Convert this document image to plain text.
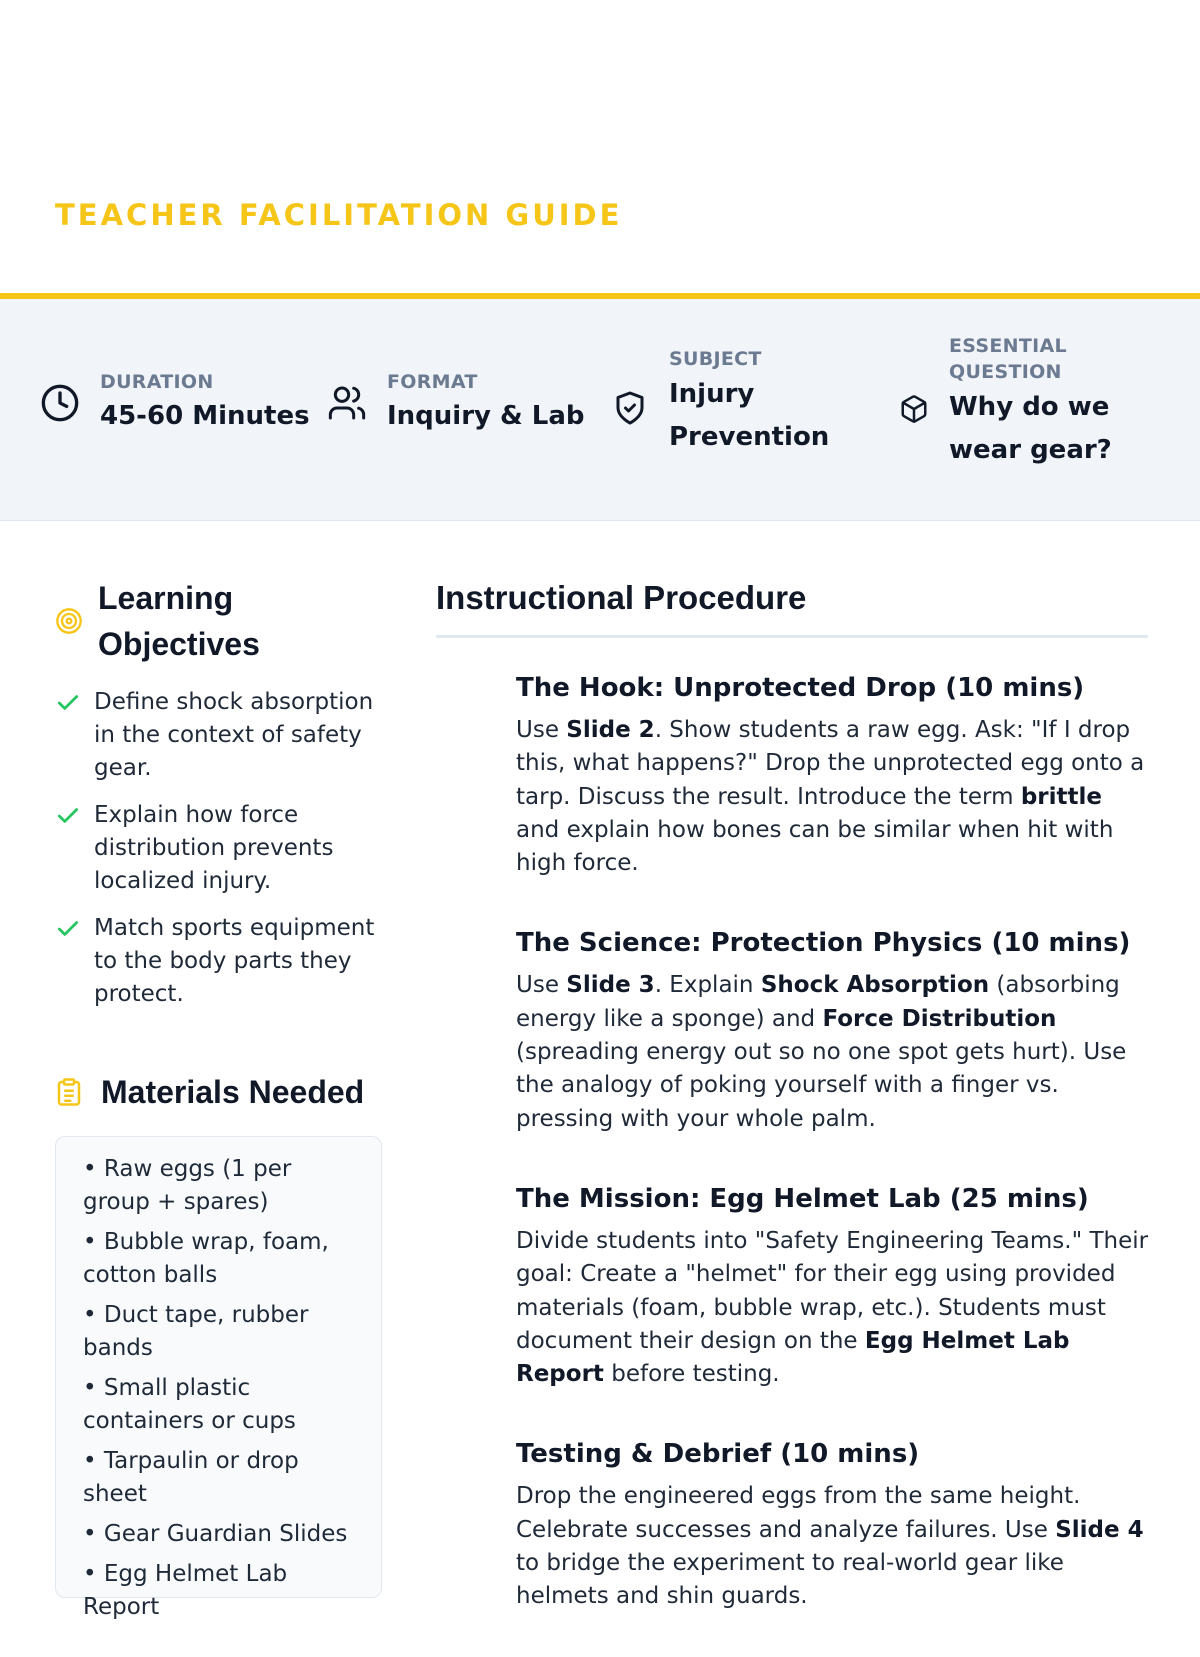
TEACHER FACILITATION GUIDE
DURATION
45-60 Minutes
FORMAT
Inquiry & Lab
SUBJECT
Injury
Prevention
ESSENTIAL
QUESTION
Why do we
wear gear?
Learning
Objectives
Define shock absorption in the context of safety gear.
Explain how force distribution prevents localized injury.
Match sports equipment to the body parts they protect.
Materials Needed
• Raw eggs (1 per group + spares)
• Bubble wrap, foam, cotton balls
• Duct tape, rubber bands
• Small plastic containers or cups
• Tarpaulin or drop sheet
• Gear Guardian Slides
• Egg Helmet Lab Report
Instructional Procedure
The Hook: Unprotected Drop (10 mins)
Use Slide 2. Show students a raw egg. Ask: "If I drop this, what happens?" Drop the unprotected egg onto a tarp. Discuss the result. Introduce the term brittle and explain how bones can be similar when hit with high force.
The Science: Protection Physics (10 mins)
Use Slide 3. Explain Shock Absorption (absorbing energy like a sponge) and Force Distribution (spreading energy out so no one spot gets hurt). Use the analogy of poking yourself with a finger vs. pressing with your whole palm.
The Mission: Egg Helmet Lab (25 mins)
Divide students into "Safety Engineering Teams." Their goal: Create a "helmet" for their egg using provided materials (foam, bubble wrap, etc.). Students must document their design on the Egg Helmet Lab Report before testing.
Testing & Debrief (10 mins)
Drop the engineered eggs from the same height. Celebrate successes and analyze failures. Use Slide 4 to bridge the experiment to real-world gear like helmets and shin guards.
